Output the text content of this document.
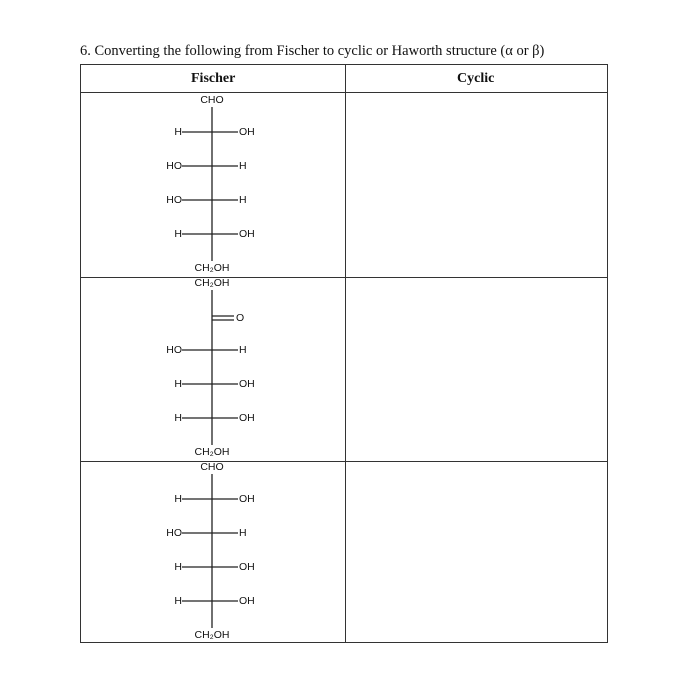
6. Converting the following from Fischer to cyclic or Haworth structure (α or β)
Fischer	Cyclic
CHO
H	OH
HO	H
HO	H
H	OH
CH₂OH
CH₂OH
O
HO	H
H	OH
H	OH
CH₂OH
CHO
H	OH
HO	H
H	OH
H	OH
CH₂OH
